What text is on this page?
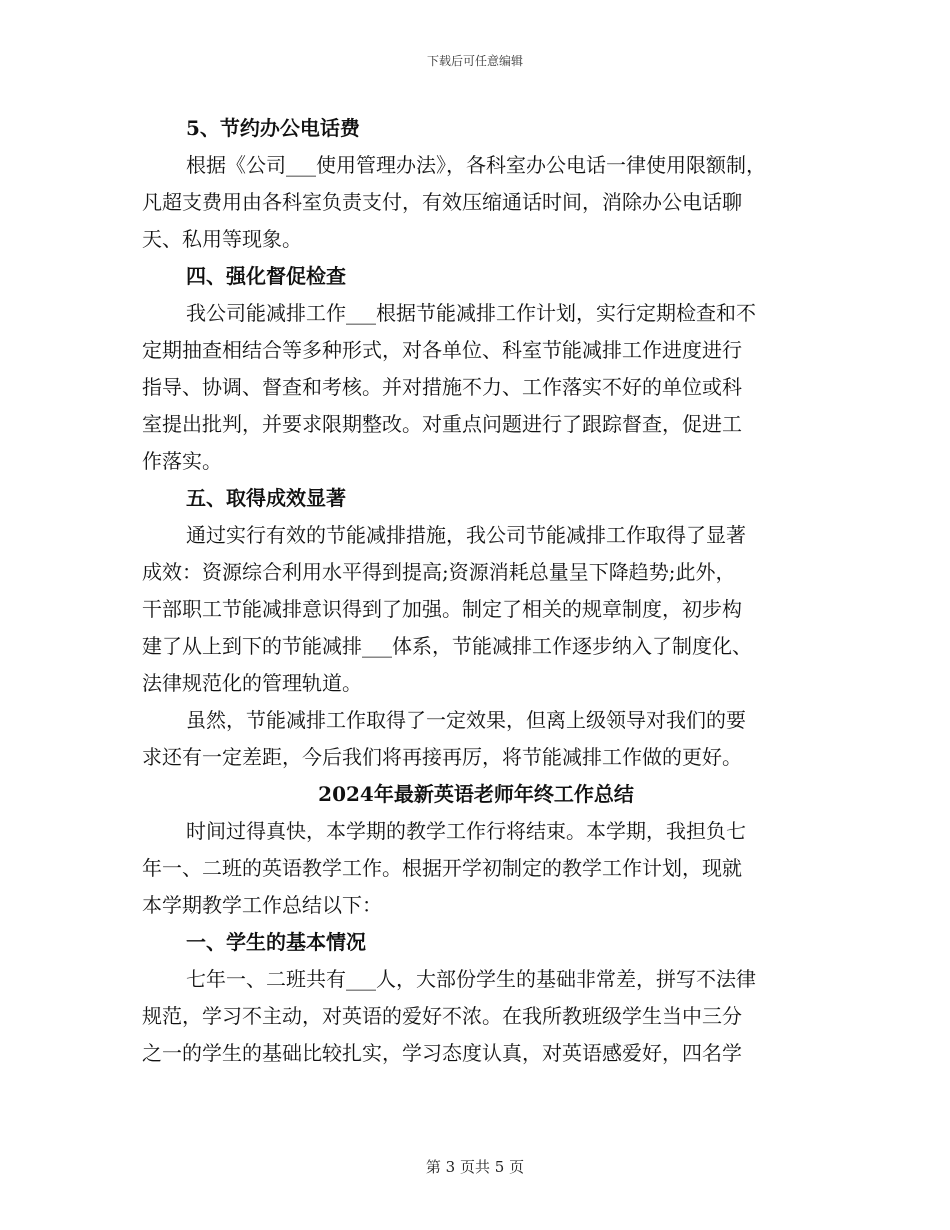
下载后可任意编辑
5、节约办公电话费
根据《公司___使用管理办法》，各科室办公电话一律使用限额制，
凡超支费用由各科室负责支付，有效压缩通话时间，消除办公电话聊
天、私用等现象。
四、强化督促检查
我公司能减排工作___根据节能减排工作计划，实行定期检查和不
定期抽查相结合等多种形式，对各单位、科室节能减排工作进度进行
指导、协调、督查和考核。并对措施不力、工作落实不好的单位或科
室提出批判，并要求限期整改。对重点问题进行了跟踪督查，促进工
作落实。
五、取得成效显著
通过实行有效的节能减排措施，我公司节能减排工作取得了显著
成效：资源综合利用水平得到提高;资源消耗总量呈下降趋势;此外，
干部职工节能减排意识得到了加强。制定了相关的规章制度，初步构
建了从上到下的节能减排___体系，节能减排工作逐步纳入了制度化、
法律规范化的管理轨道。
虽然，节能减排工作取得了一定效果，但离上级领导对我们的要
求还有一定差距，今后我们将再接再厉，将节能减排工作做的更好。
2024年最新英语老师年终工作总结
时间过得真快，本学期的教学工作行将结束。本学期，我担负七
年一、二班的英语教学工作。根据开学初制定的教学工作计划，现就
本学期教学工作总结以下：
一、学生的基本情况
七年一、二班共有___人，大部份学生的基础非常差，拼写不法律
规范，学习不主动，对英语的爱好不浓。在我所教班级学生当中三分
之一的学生的基础比较扎实，学习态度认真，对英语感爱好，四名学
第 3 页共 5 页
